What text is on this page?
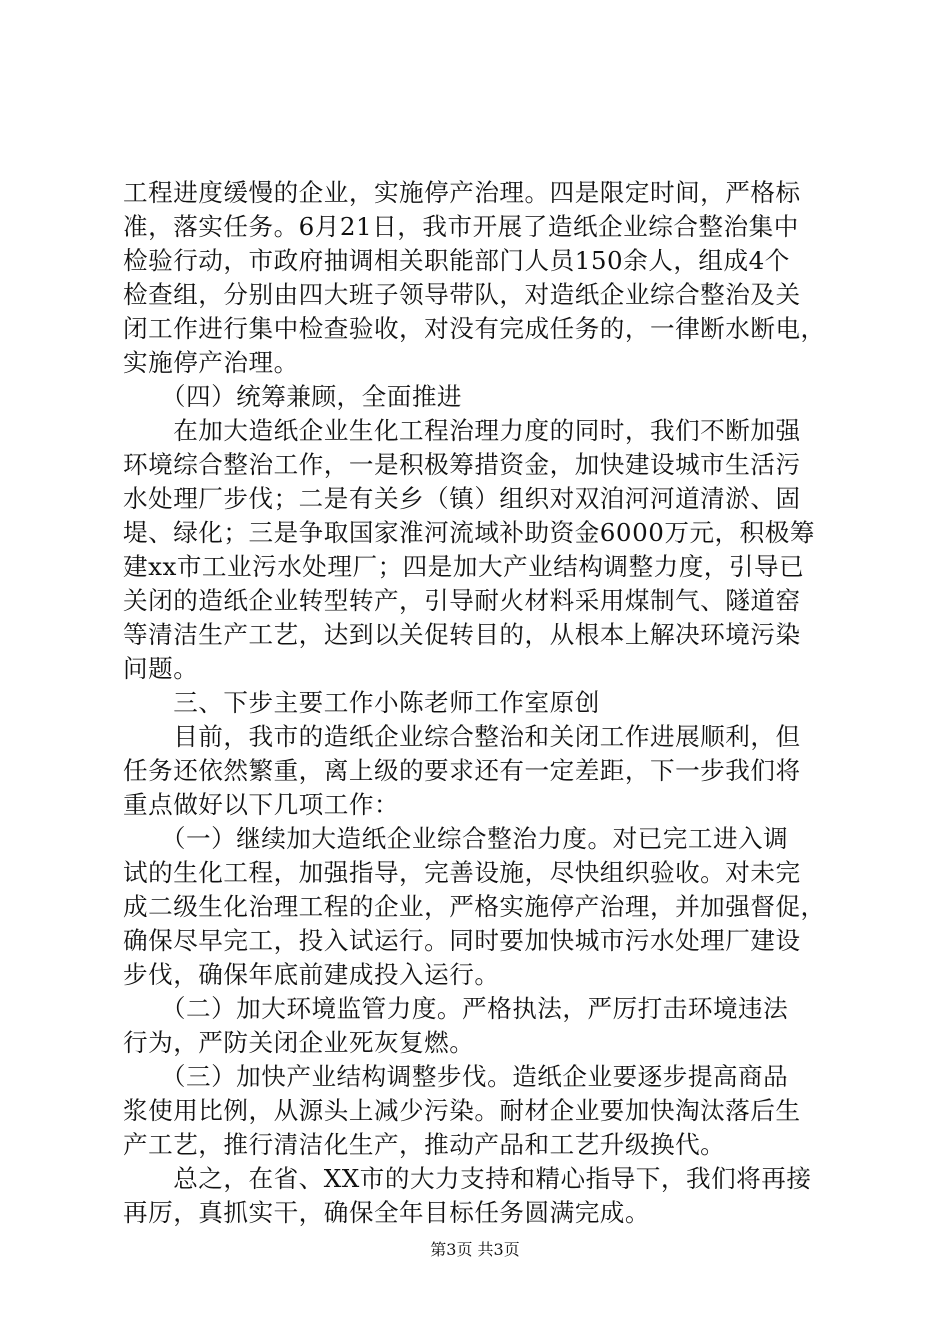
工程进度缓慢的企业，实施停产治理。四是限定时间，严格标
准，落实任务。6月21日，我市开展了造纸企业综合整治集中
检验行动，市政府抽调相关职能部门人员150余人，组成4个
检查组，分别由四大班子领导带队，对造纸企业综合整治及关
闭工作进行集中检查验收，对没有完成任务的，一律断水断电，
实施停产治理。
　　（四）统筹兼顾，全面推进
　　在加大造纸企业生化工程治理力度的同时，我们不断加强
环境综合整治工作，一是积极筹措资金，加快建设城市生活污
水处理厂步伐；二是有关乡（镇）组织对双洎河河道清淤、固
堤、绿化；三是争取国家淮河流域补助资金6000万元，积极筹
建xx市工业污水处理厂；四是加大产业结构调整力度，引导已
关闭的造纸企业转型转产，引导耐火材料采用煤制气、隧道窑
等清洁生产工艺，达到以关促转目的，从根本上解决环境污染
问题。
　　三、下步主要工作小陈老师工作室原创
　　目前，我市的造纸企业综合整治和关闭工作进展顺利，但
任务还依然繁重，离上级的要求还有一定差距，下一步我们将
重点做好以下几项工作：
　　（一）继续加大造纸企业综合整治力度。对已完工进入调
试的生化工程，加强指导，完善设施，尽快组织验收。对未完
成二级生化治理工程的企业，严格实施停产治理，并加强督促，
确保尽早完工，投入试运行。同时要加快城市污水处理厂建设
步伐，确保年底前建成投入运行。
　　（二）加大环境监管力度。严格执法，严厉打击环境违法
行为，严防关闭企业死灰复燃。
　　（三）加快产业结构调整步伐。造纸企业要逐步提高商品
浆使用比例，从源头上减少污染。耐材企业要加快淘汰落后生
产工艺，推行清洁化生产，推动产品和工艺升级换代。
　　总之，在省、XX市的大力支持和精心指导下，我们将再接
再厉，真抓实干，确保全年目标任务圆满完成。
第3页 共3页
